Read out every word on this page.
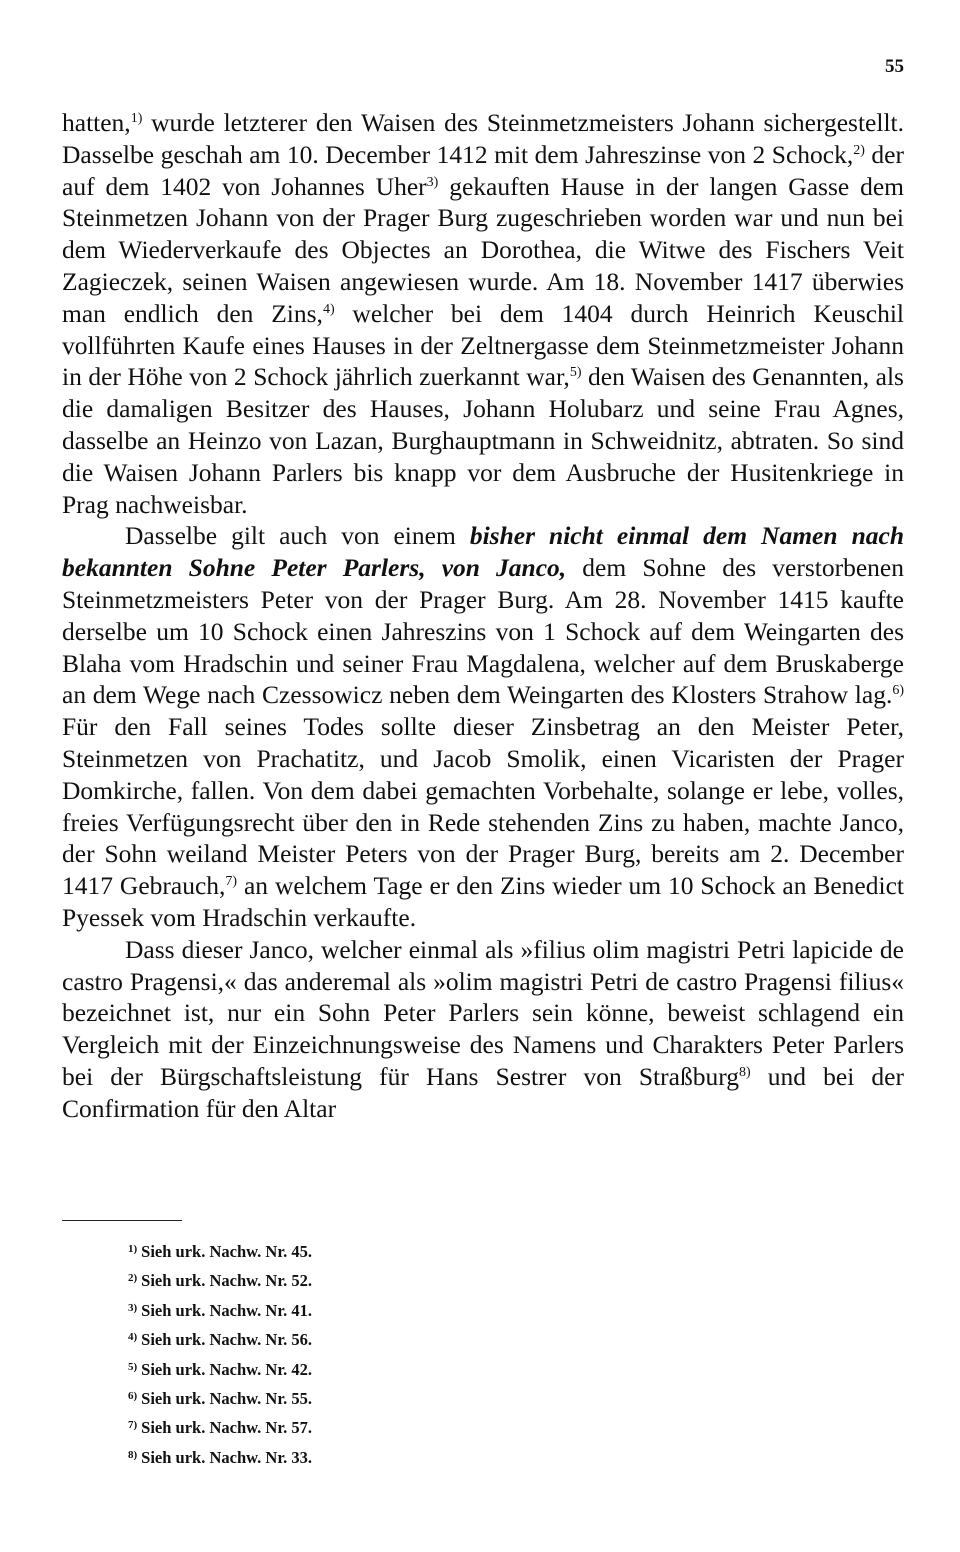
55

hatten,$^{1)}$ wurde letzterer den Waisen des Steinmetzmeisters Johann sichergestellt. Dasselbe geschah am 10. December 1412 mit dem Jahreszinse von 2 Schock,$^{2)}$ der auf dem 1402 von Johannes Uher$^{3)}$ gekauften Hause in der langen Gasse dem Steinmetzen Johann von der Prager Burg zugeschrieben worden war und nun bei dem Wiederverkaufe des Objectes an Dorothea, die Witwe des Fischers Veit Zagieczek, seinen Waisen angewiesen wurde. Am 18. November 1417 überwies man endlich den Zins,$^{4)}$ welcher bei dem 1404 durch Heinrich Keuschil vollführten Kaufe eines Hauses in der Zeltnergasse dem Steinmetzmeister Johann in der Höhe von 2 Schock jährlich zuerkannt war,$^{5)}$ den Waisen des Genannten, als die damaligen Besitzer des Hauses, Johann Holubarz und seine Frau Agnes, dasselbe an Heinzo von Lazan, Burghauptmann in Schweidnitz, abtraten. So sind die Waisen Johann Parlers bis knapp vor dem Ausbruche der Husitenkriege in Prag nachweisbar.

Dasselbe gilt auch von einem bisher nicht einmal dem Namen nach bekannten Sohne Peter Parlers, von Janco, dem Sohne des verstorbenen Steinmetzmeisters Peter von der Prager Burg. Am 28. November 1415 kaufte derselbe um 10 Schock einen Jahreszins von 1 Schock auf dem Weingarten des Blaha vom Hradschin und seiner Frau Magdalena, welcher auf dem Bruskaberge an dem Wege nach Czessowicz neben dem Weingarten des Klosters Strahow lag.$^{6)}$ Für den Fall seines Todes sollte dieser Zinsbetrag an den Meister Peter, Steinmetzen von Prachatitz, und Jacob Smolik, einen Vicaristen der Prager Domkirche, fallen. Von dem dabei gemachten Vorbehalte, solange er lebe, volles, freies Verfügungsrecht über den in Rede stehenden Zins zu haben, machte Janco, der Sohn weiland Meister Peters von der Prager Burg, bereits am 2. December 1417 Gebrauch,$^{7)}$ an welchem Tage er den Zins wieder um 10 Schock an Benedict Pyessek vom Hradschin verkaufte.

Dass dieser Janco, welcher einmal als »filius olim magistri Petri lapicide de castro Pragensi,« das anderemal als »olim magistri Petri de castro Pragensi filius« bezeichnet ist, nur ein Sohn Peter Parlers sein könne, beweist schlagend ein Vergleich mit der Einzeichnungsweise des Namens und Charakters Peter Parlers bei der Bürgschaftsleistung für Hans Sestrer von Straßburg$^{8)}$ und bei der Confirmation für den Altar

$^{1)}$ Sieh urk. Nachw. Nr. 45.
$^{2)}$ Sieh urk. Nachw. Nr. 52.
$^{3)}$ Sieh urk. Nachw. Nr. 41.
$^{4)}$ Sieh urk. Nachw. Nr. 56.
$^{5)}$ Sieh urk. Nachw. Nr. 42.
$^{6)}$ Sieh urk. Nachw. Nr. 55.
$^{7)}$ Sieh urk. Nachw. Nr. 57.
$^{8)}$ Sieh urk. Nachw. Nr. 33.
